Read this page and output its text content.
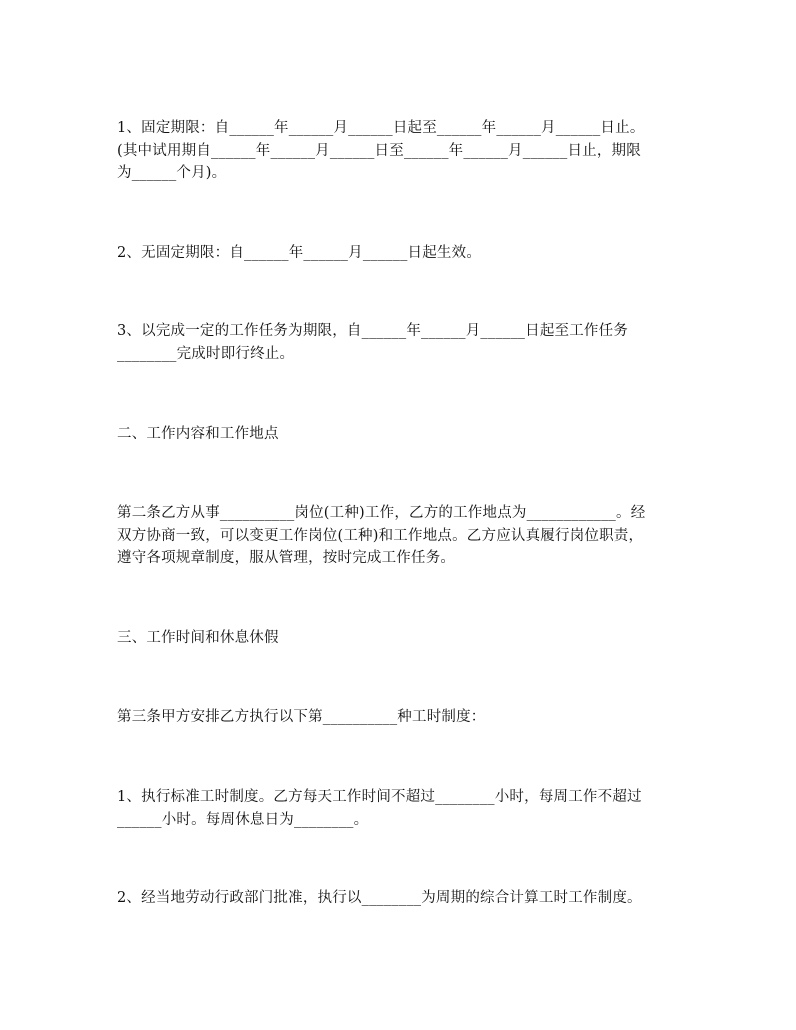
1、固定期限：自______年______月______日起至______年______月______日止。
(其中试用期自______年______月______日至______年______月______日止，期限
为______个月)。
2、无固定期限：自______年______月______日起生效。
3、以完成一定的工作任务为期限，自______年______月______日起至工作任务
________完成时即行终止。
二、工作内容和工作地点
第二条乙方从事__________岗位(工种)工作，乙方的工作地点为____________。经
双方协商一致，可以变更工作岗位(工种)和工作地点。乙方应认真履行岗位职责，
遵守各项规章制度，服从管理，按时完成工作任务。
三、工作时间和休息休假
第三条甲方安排乙方执行以下第__________种工时制度：
1、执行标准工时制度。乙方每天工作时间不超过________小时，每周工作不超过
______小时。每周休息日为________。
2、经当地劳动行政部门批准，执行以________为周期的综合计算工时工作制度。
